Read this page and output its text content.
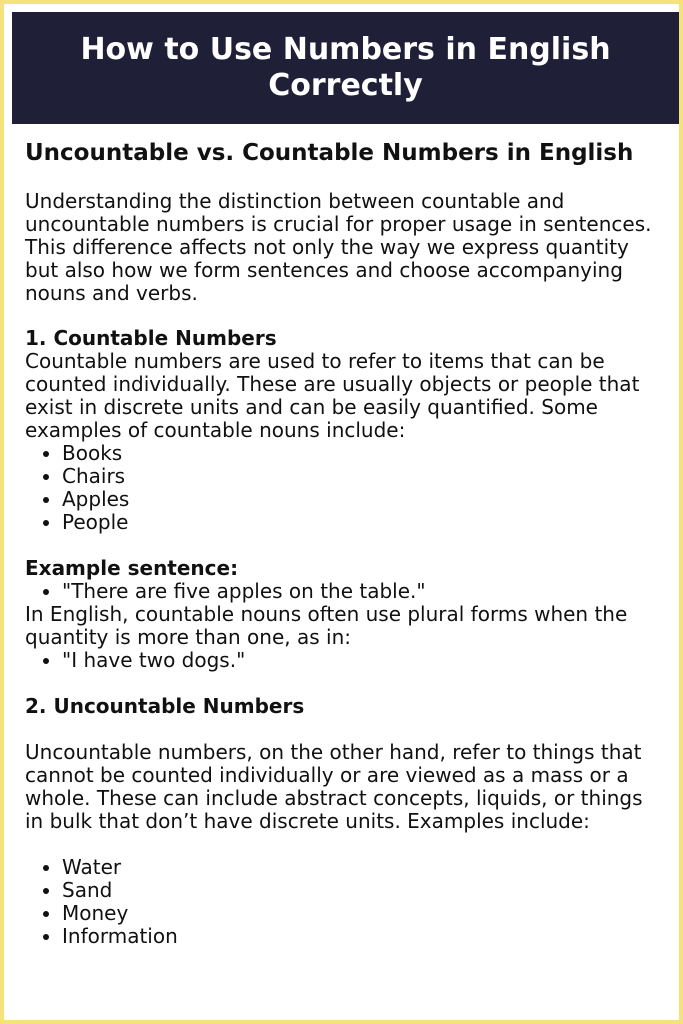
How to Use Numbers in English Correctly
Uncountable vs. Countable Numbers in English

Understanding the distinction between countable and uncountable numbers is crucial for proper usage in sentences. This difference affects not only the way we express quantity but also how we form sentences and choose accompanying nouns and verbs.

1. Countable Numbers

Countable numbers are used to refer to items that can be counted individually. These are usually objects or people that exist in discrete units and can be easily quantified. Some examples of countable nouns include:

• Books
• Chairs
• Apples
• People
Example sentence:
• "There are five apples on the table."

In English, countable nouns often use plural forms when the quantity is more than one, as in:

• "I have two dogs."
2. Uncountable Numbers

Uncountable numbers, on the other hand, refer to things that cannot be counted individually or are viewed as a mass or a whole. These can include abstract concepts, liquids, or things in bulk that don’t have discrete units. Examples include:

• Water
• Sand
• Money
• Information
